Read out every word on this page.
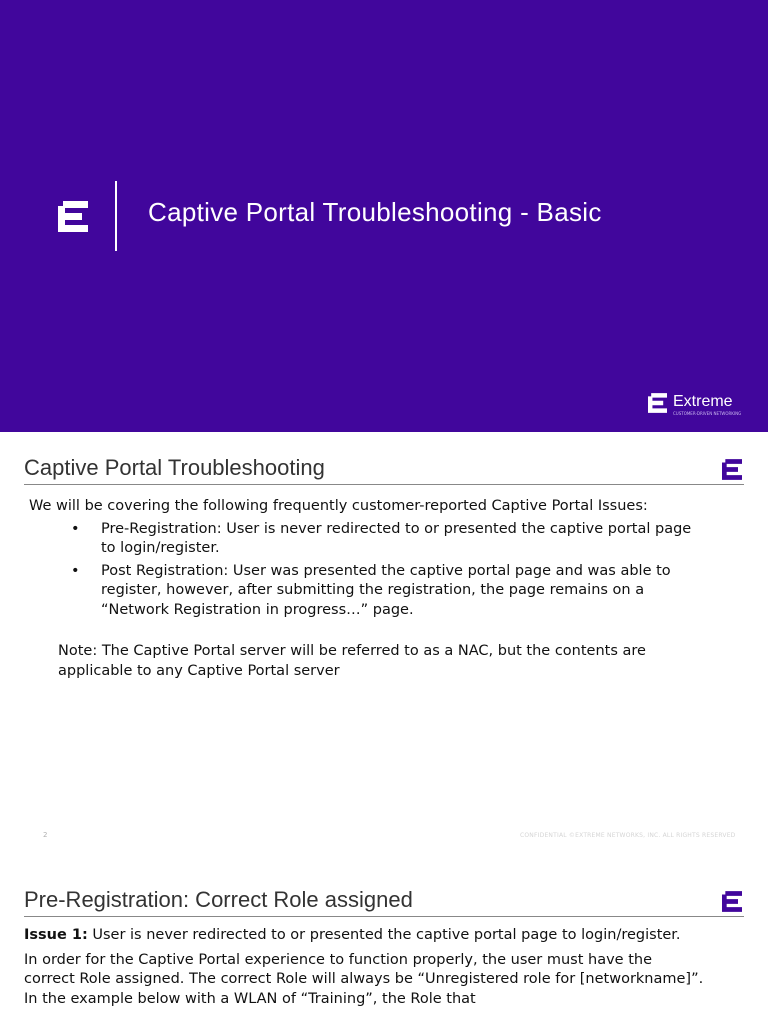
Captive Portal Troubleshooting - Basic
Extreme
CUSTOMER-DRIVEN NETWORKING
Captive Portal Troubleshooting

We will be covering the following frequently customer-reported Captive Portal Issues:

• Pre-Registration: User is never redirected to or presented the captive portal page to login/register.
• Post Registration: User was presented the captive portal page and was able to register, however, after submitting the registration, the page remains on a “Network Registration in progress…” page.

Note: The Captive Portal server will be referred to as a NAC, but the contents are applicable to any Captive Portal server

2	CONFIDENTIAL ©EXTREME NETWORKS, INC. ALL RIGHTS RESERVED
Pre-Registration: Correct Role assigned

Issue 1: User is never redirected to or presented the captive portal page to login/register.

In order for the Captive Portal experience to function properly, the user must have the correct Role assigned. The correct Role will always be “Unregistered role for [networkname]”. In the example below with a WLAN of “Training”, the Role that
